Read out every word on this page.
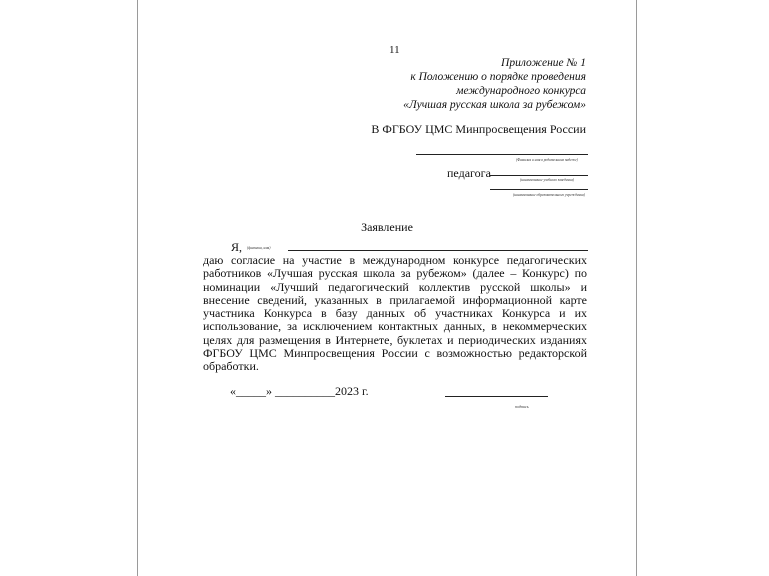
11
Приложение № 1
к Положению о порядке проведения
международного конкурса
«Лучшая русская школа за рубежом»
В ФГБОУ ЦМС Минпросвещения России
(Фамилия и имя в родительном падеже)
педагога	(наименование учебного заведения)
(наименование образовательного учреждения)
Заявление
Я, (фамилия, имя)
даю согласие на участие в международном конкурсе педагогических работников «Лучшая русская школа за рубежом» (далее – Конкурс) по номинации «Лучший педагогический коллектив русской школы» и внесение сведений, указанных в прилагаемой информационной карте участника Конкурса в базу данных об участниках Конкурса и их использование, за исключением контактных данных, в некоммерческих целях для размещения в Интернете, буклетах и периодических изданиях ФГБОУ ЦМС Минпросвещения России с возможностью редакторской обработки.
«_____» __________2023 г.
подпись
